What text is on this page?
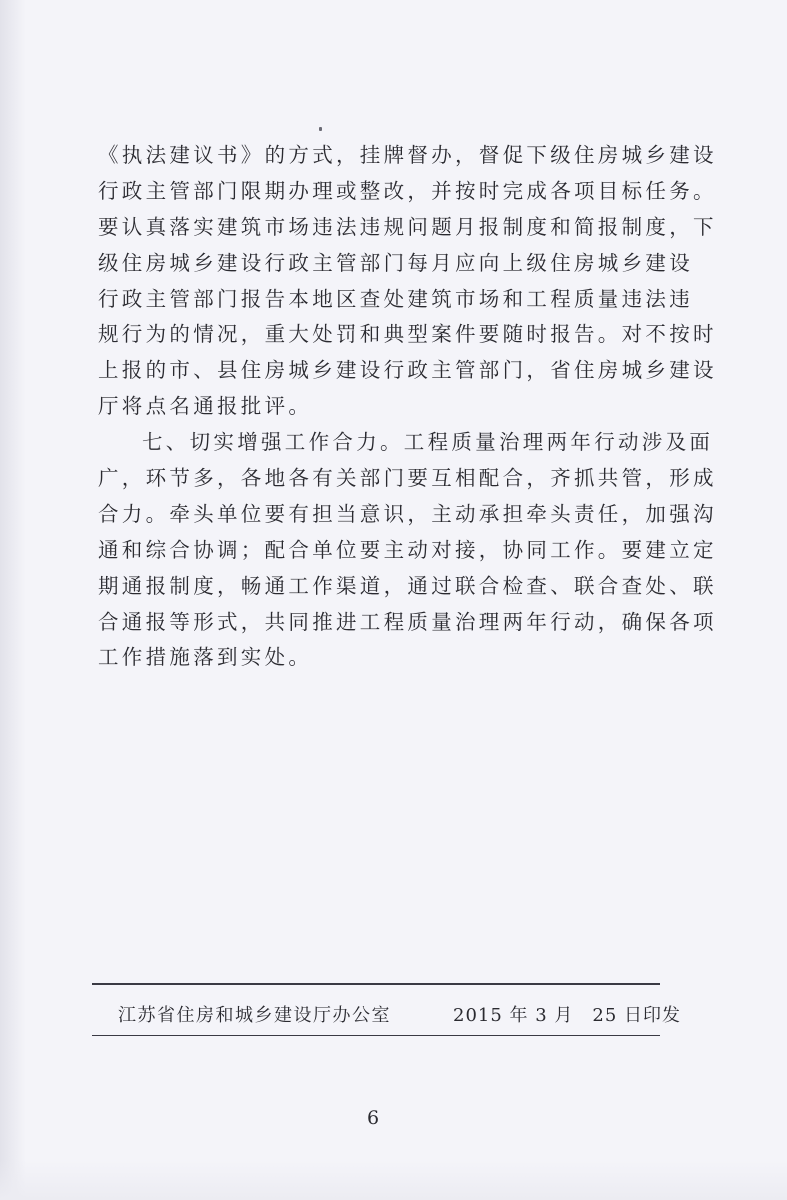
《执法建议书》的方式，挂牌督办，督促下级住房城乡建设
行政主管部门限期办理或整改，并按时完成各项目标任务。
要认真落实建筑市场违法违规问题月报制度和简报制度，下
级住房城乡建设行政主管部门每月应向上级住房城乡建设
行政主管部门报告本地区查处建筑市场和工程质量违法违
规行为的情况，重大处罚和典型案件要随时报告。对不按时
上报的市、县住房城乡建设行政主管部门，省住房城乡建设
厅将点名通报批评。
七、切实增强工作合力。工程质量治理两年行动涉及面
广，环节多，各地各有关部门要互相配合，齐抓共管，形成
合力。牵头单位要有担当意识，主动承担牵头责任，加强沟
通和综合协调；配合单位要主动对接，协同工作。要建立定
期通报制度，畅通工作渠道，通过联合检查、联合查处、联
合通报等形式，共同推进工程质量治理两年行动，确保各项
工作措施落到实处。
江苏省住房和城乡建设厅办公室	2015 年 3 月　25 日印发
6
